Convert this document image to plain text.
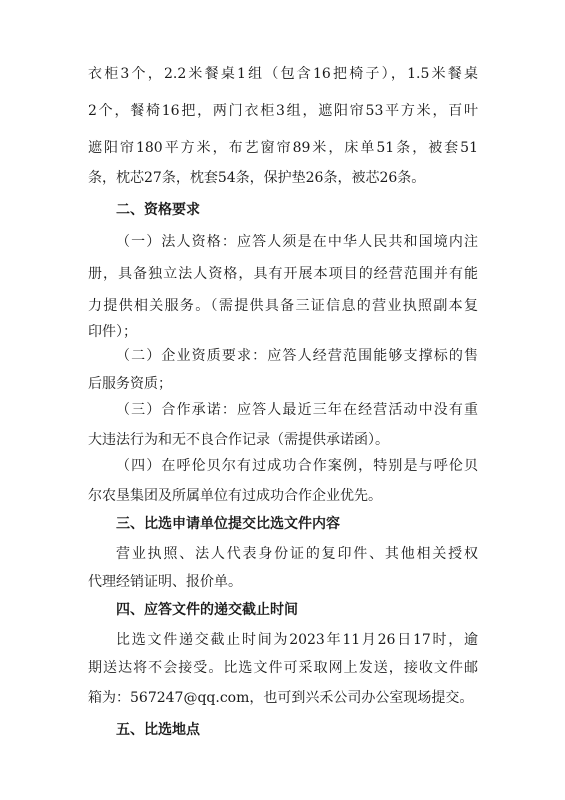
衣柜3个，2.2米餐桌1组（包含16把椅子），1.5米餐桌
2个，餐椅16把，两门衣柜3组，遮阳帘53平方米，百叶
遮阳帘180平方米，布艺窗帘89米，床单51条，被套51
条，枕芯27条，枕套54条，保护垫26条，被芯26条。
二、资格要求
（一）法人资格：应答人须是在中华人民共和国境内注
册，具备独立法人资格，具有开展本项目的经营范围并有能
力提供相关服务。（需提供具备三证信息的营业执照副本复
印件）；
（二）企业资质要求：应答人经营范围能够支撑标的售
后服务资质；
（三）合作承诺：应答人最近三年在经营活动中没有重
大违法行为和无不良合作记录（需提供承诺函）。
（四）在呼伦贝尔有过成功合作案例，特别是与呼伦贝
尔农垦集团及所属单位有过成功合作企业优先。
三、比选申请单位提交比选文件内容
营业执照、法人代表身份证的复印件、其他相关授权
代理经销证明、报价单。
四、应答文件的递交截止时间
比选文件递交截止时间为2023年11月26日17时，逾
期送达将不会接受。比选文件可采取网上发送，接收文件邮
箱为：567247@qq.com，也可到兴禾公司办公室现场提交。
五、比选地点
